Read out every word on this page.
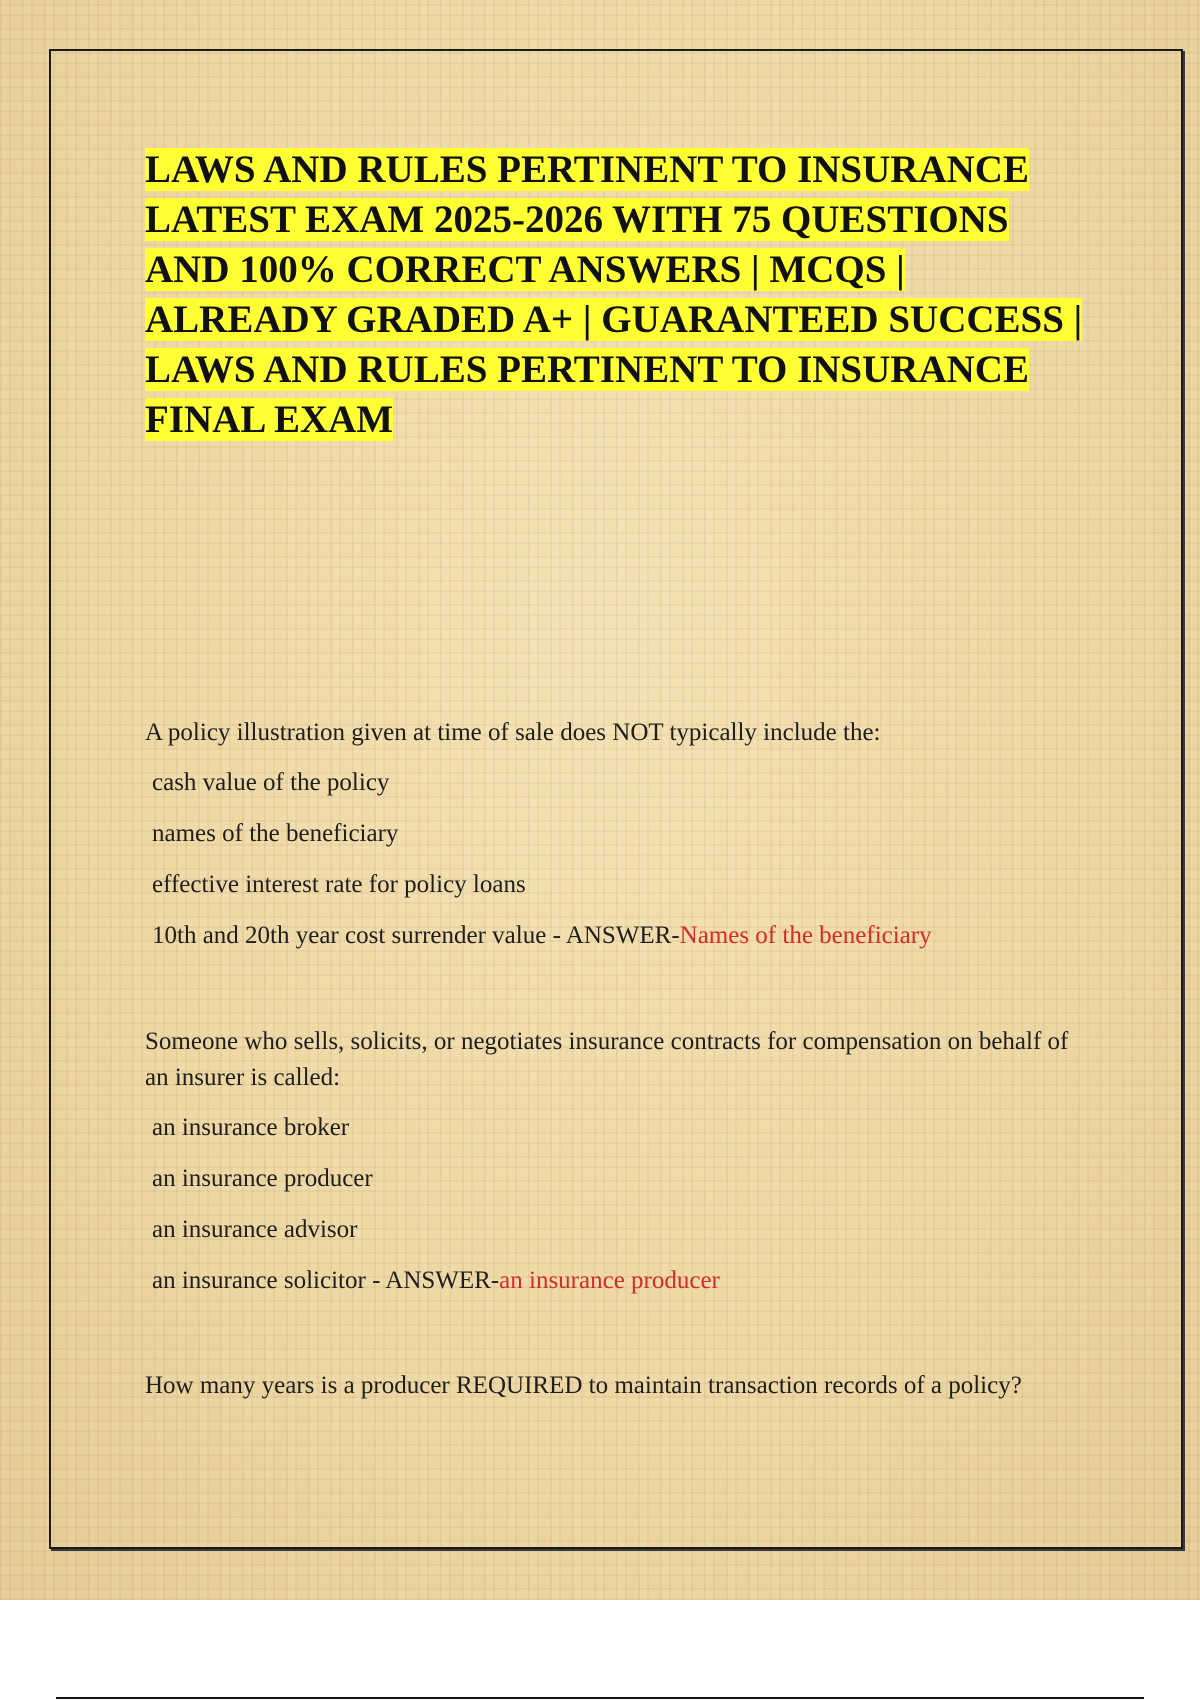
LAWS AND RULES PERTINENT TO INSURANCE LATEST EXAM 2025-2026 WITH 75 QUESTIONS AND 100% CORRECT ANSWERS | MCQS | ALREADY GRADED A+ | GUARANTEED SUCCESS | LAWS AND RULES PERTINENT TO INSURANCE FINAL EXAM

A policy illustration given at time of sale does NOT typically include the:

cash value of the policy

names of the beneficiary

effective interest rate for policy loans

10th and 20th year cost surrender value - ANSWER-Names of the beneficiary

Someone who sells, solicits, or negotiates insurance contracts for compensation on behalf of an insurer is called:

an insurance broker

an insurance producer

an insurance advisor

an insurance solicitor - ANSWER-an insurance producer

How many years is a producer REQUIRED to maintain transaction records of a policy?
